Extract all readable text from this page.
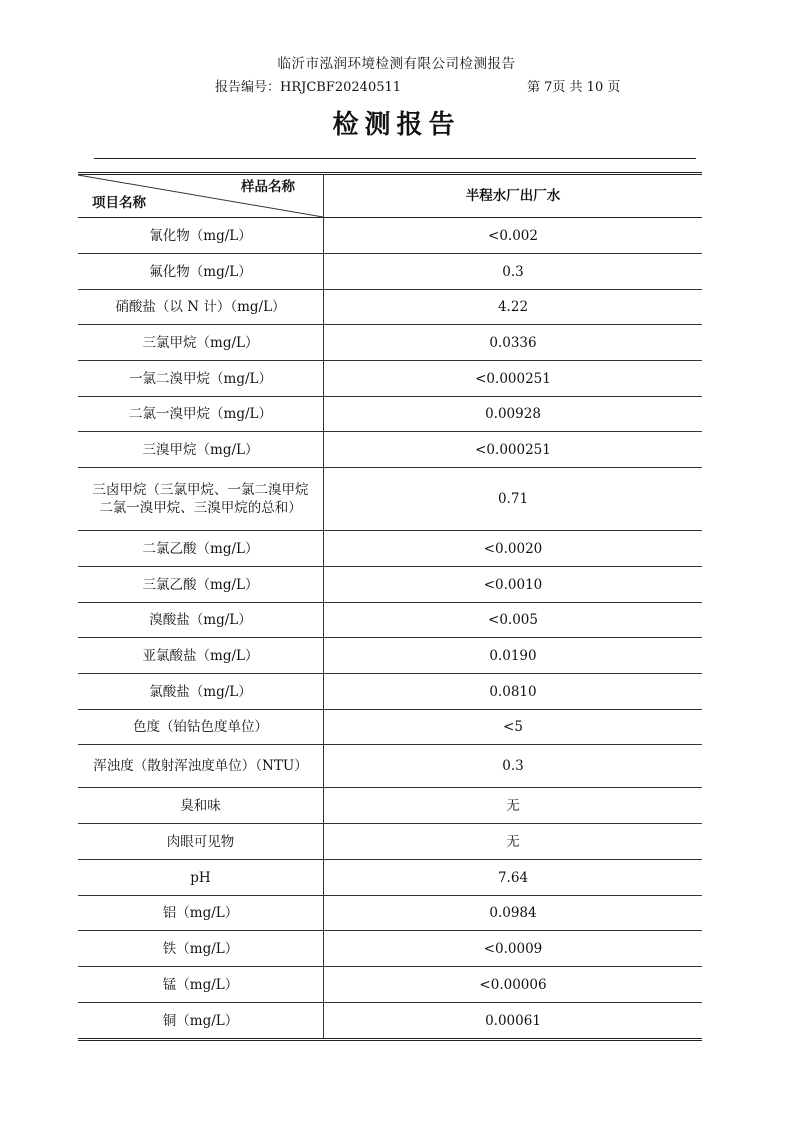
临沂市泓润环境检测有限公司检测报告
报告编号：HRJCBF20240511	第 7页 共 10 页
检测报告
样品名称
项目名称	半程水厂出厂水
氰化物（mg/L）	<0.002
氟化物（mg/L）	0.3
硝酸盐（以 N 计）（mg/L）	4.22
三氯甲烷（mg/L）	0.0336
一氯二溴甲烷（mg/L）	<0.000251
二氯一溴甲烷（mg/L）	0.00928
三溴甲烷（mg/L）	<0.000251
三卤甲烷（三氯甲烷、一氯二溴甲烷二氯一溴甲烷、三溴甲烷的总和）	0.71
二氯乙酸（mg/L）	<0.0020
三氯乙酸（mg/L）	<0.0010
溴酸盐（mg/L）	<0.005
亚氯酸盐（mg/L）	0.0190
氯酸盐（mg/L）	0.0810
色度（铂钴色度单位）	<5
浑浊度（散射浑浊度单位）（NTU）	0.3
臭和味	无
肉眼可见物	无
pH	7.64
铝（mg/L）	0.0984
铁（mg/L）	<0.0009
锰（mg/L）	<0.00006
铜（mg/L）	0.00061
